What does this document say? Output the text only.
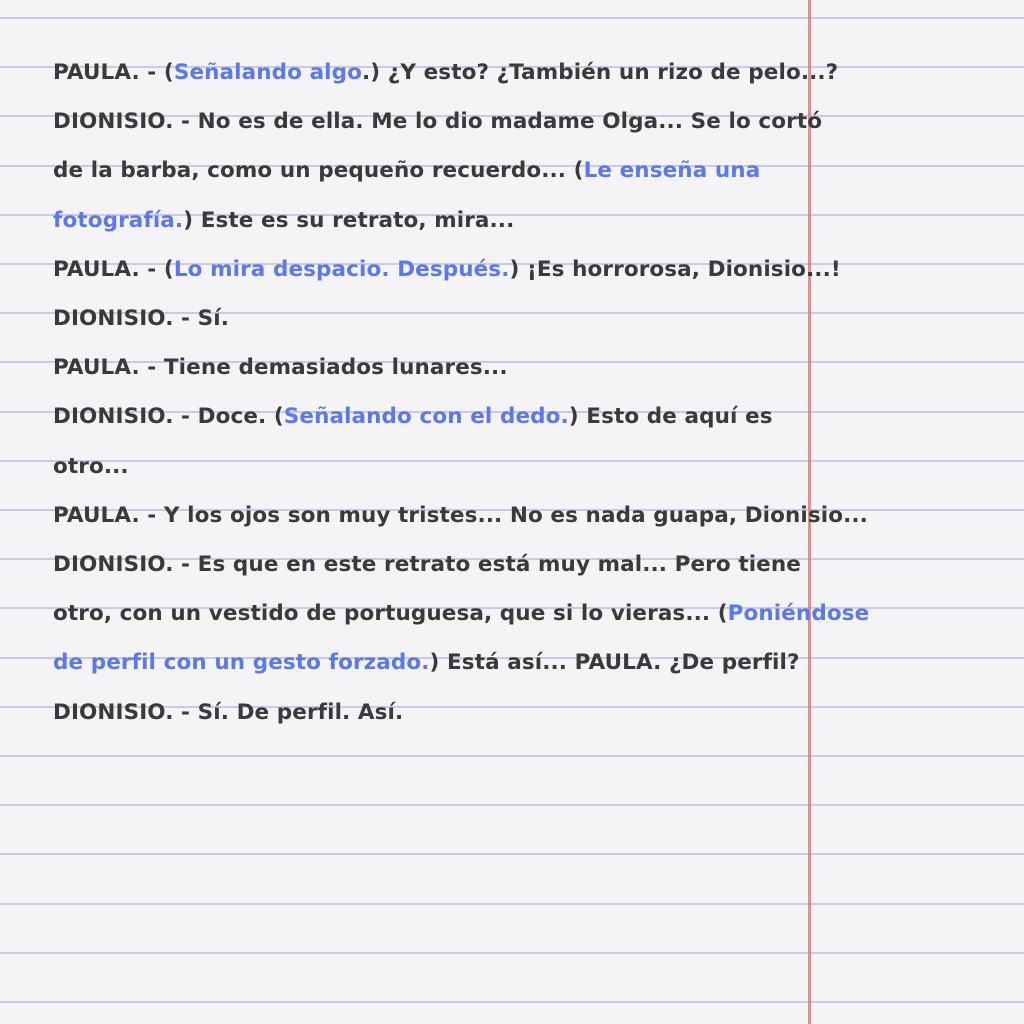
PAULA. - (Señalando algo.) ¿Y esto? ¿También un rizo de pelo...?
DIONISIO. - No es de ella. Me lo dio madame Olga... Se lo cortó
de la barba, como un pequeño recuerdo... (Le enseña una
fotografía.) Este es su retrato, mira...
PAULA. - (Lo mira despacio. Después.) ¡Es horrorosa, Dionisio...!
DIONISIO. - Sí.
PAULA. - Tiene demasiados lunares...
DIONISIO. - Doce. (Señalando con el dedo.) Esto de aquí es
otro...
PAULA. - Y los ojos son muy tristes... No es nada guapa, Dionisio...
DIONISIO. - Es que en este retrato está muy mal... Pero tiene
otro, con un vestido de portuguesa, que si lo vieras... (Poniéndose
de perfil con un gesto forzado.) Está así... PAULA. ¿De perfil?
DIONISIO. - Sí. De perfil. Así.
